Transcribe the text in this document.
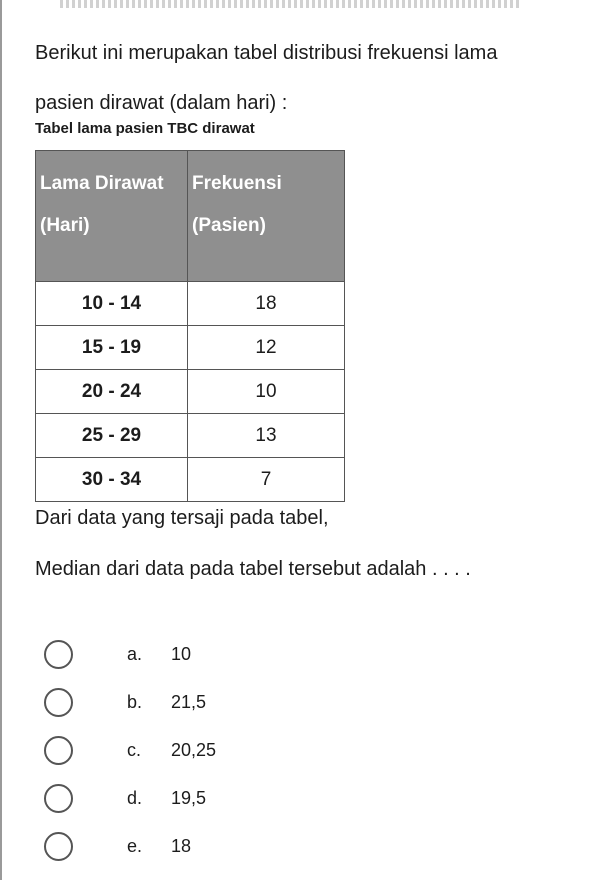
Berikut ini merupakan tabel distribusi frekuensi lama
pasien dirawat (dalam hari) :
Tabel lama pasien TBC dirawat
Lama Dirawat (Hari)	Frekuensi (Pasien)
10 - 14	18
15 - 19	12
20 - 24	10
25 - 29	13
30 - 34	7
Dari data yang tersaji pada tabel,
Median dari data pada tabel tersebut adalah . . . .
a.	10
b.	21,5
c.	20,25
d.	19,5
e.	18
